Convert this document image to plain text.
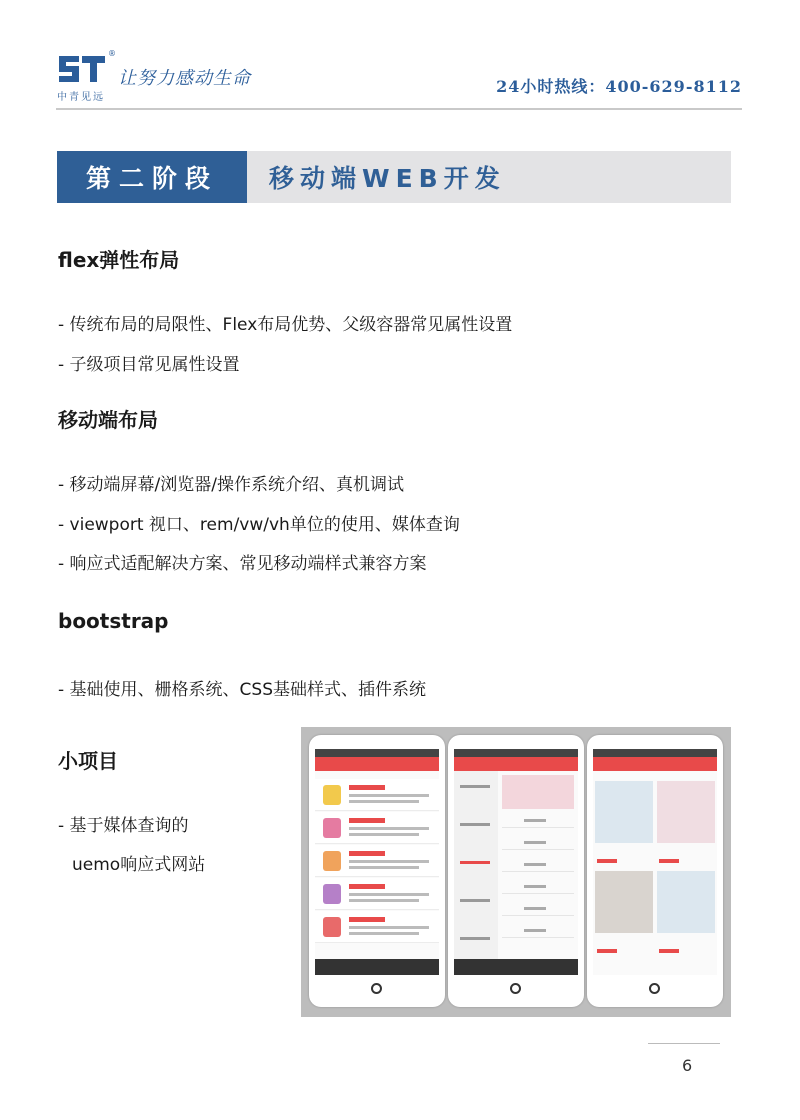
®
中青见远
让努力感动生命	24小时热线：400-629-8112
第二阶段	移动端WEB开发
flex弹性布局
- 传统布局的局限性、Flex布局优势、父级容器常见属性设置
- 子级项目常见属性设置
移动端布局
- 移动端屏幕/浏览器/操作系统介绍、真机调试
- viewport 视口、rem/vw/vh单位的使用、媒体查询
- 响应式适配解决方案、常见移动端样式兼容方案
bootstrap
- 基础使用、栅格系统、CSS基础样式、插件系统
小项目
- 基于媒体查询的
uemo响应式网站
6
